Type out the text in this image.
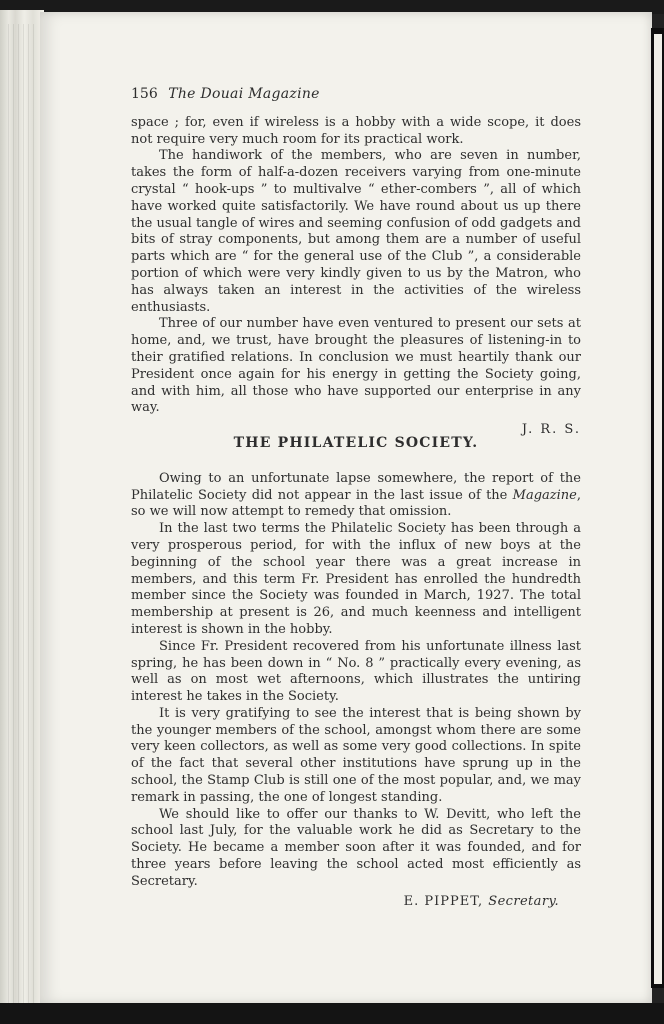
156 The Douai Magazine

space ; for, even if wireless is a hobby with a wide scope, it does not require very much room for its practical work.

The handiwork of the members, who are seven in number, takes the form of half-a-dozen receivers varying from one-minute crystal “ hook-ups ” to multivalve “ ether-combers ”, all of which have worked quite satisfactorily. We have round about us up there the usual tangle of wires and seeming confusion of odd gadgets and bits of stray components, but among them are a number of useful parts which are “ for the general use of the Club ”, a considerable portion of which were very kindly given to us by the Matron, who has always taken an interest in the activities of the wireless enthusiasts.

Three of our number have even ventured to present our sets at home, and, we trust, have brought the pleasures of listening-in to their gratified relations. In conclusion we must heartily thank our President once again for his energy in getting the Society going, and with him, all those who have supported our enterprise in any way.

J. R. S.
THE PHILATELIC SOCIETY.

Owing to an unfortunate lapse somewhere, the report of the Philatelic Society did not appear in the last issue of the Magazine, so we will now attempt to remedy that omission.

In the last two terms the Philatelic Society has been through a very prosperous period, for with the influx of new boys at the beginning of the school year there was a great increase in members, and this term Fr. President has enrolled the hundredth member since the Society was founded in March, 1927. The total membership at present is 26, and much keenness and intelligent interest is shown in the hobby.

Since Fr. President recovered from his unfortunate illness last spring, he has been down in “ No. 8 ” practically every evening, as well as on most wet afternoons, which illustrates the untiring interest he takes in the Society.

It is very gratifying to see the interest that is being shown by the younger members of the school, amongst whom there are some very keen collectors, as well as some very good collections. In spite of the fact that several other institutions have sprung up in the school, the Stamp Club is still one of the most popular, and, we may remark in passing, the one of longest standing.

We should like to offer our thanks to W. Devitt, who left the school last July, for the valuable work he did as Secretary to the Society. He became a member soon after it was founded, and for three years before leaving the school acted most efficiently as Secretary.

E. PIPPET, Secretary.
